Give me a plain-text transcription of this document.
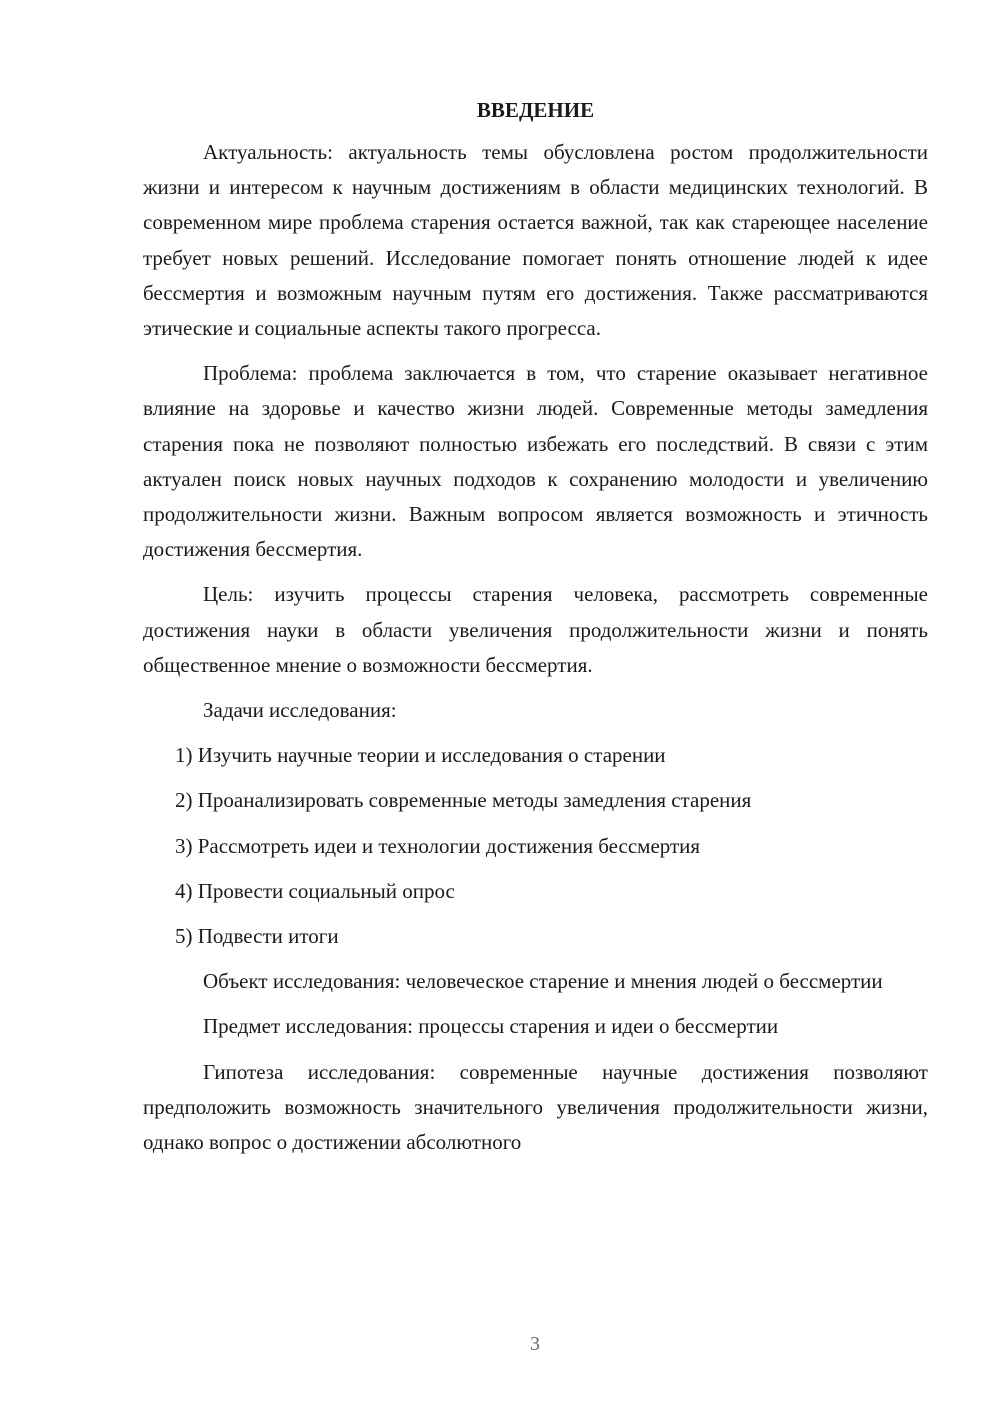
ВВЕДЕНИЕ

Актуальность: актуальность темы обусловлена ростом продолжительности жизни и интересом к научным достижениям в области медицинских технологий. В современном мире проблема старения остается важной, так как стареющее население требует новых решений. Исследование помогает понять отношение людей к идее бессмертия и возможным научным путям его достижения. Также рассматриваются этические и социальные аспекты такого прогресса.

Проблема: проблема заключается в том, что старение оказывает негативное влияние на здоровье и качество жизни людей. Современные методы замедления старения пока не позволяют полностью избежать его последствий. В связи с этим актуален поиск новых научных подходов к сохранению молодости и увеличению продолжительности жизни. Важным вопросом является возможность и этичность достижения бессмертия.

Цель: изучить процессы старения человека, рассмотреть современные достижения науки в области увеличения продолжительности жизни и понять общественное мнение о возможности бессмертия.

Задачи исследования:

1) Изучить научные теории и исследования о старении

2) Проанализировать современные методы замедления старения

3) Рассмотреть идеи и технологии достижения бессмертия

4) Провести социальный опрос

5) Подвести итоги

Объект исследования: человеческое старение и мнения людей о бессмертии

Предмет исследования: процессы старения и идеи о бессмертии

Гипотеза исследования: современные научные достижения позволяют предположить возможность значительного увеличения продолжительности жизни, однако вопрос о достижении абсолютного

3
